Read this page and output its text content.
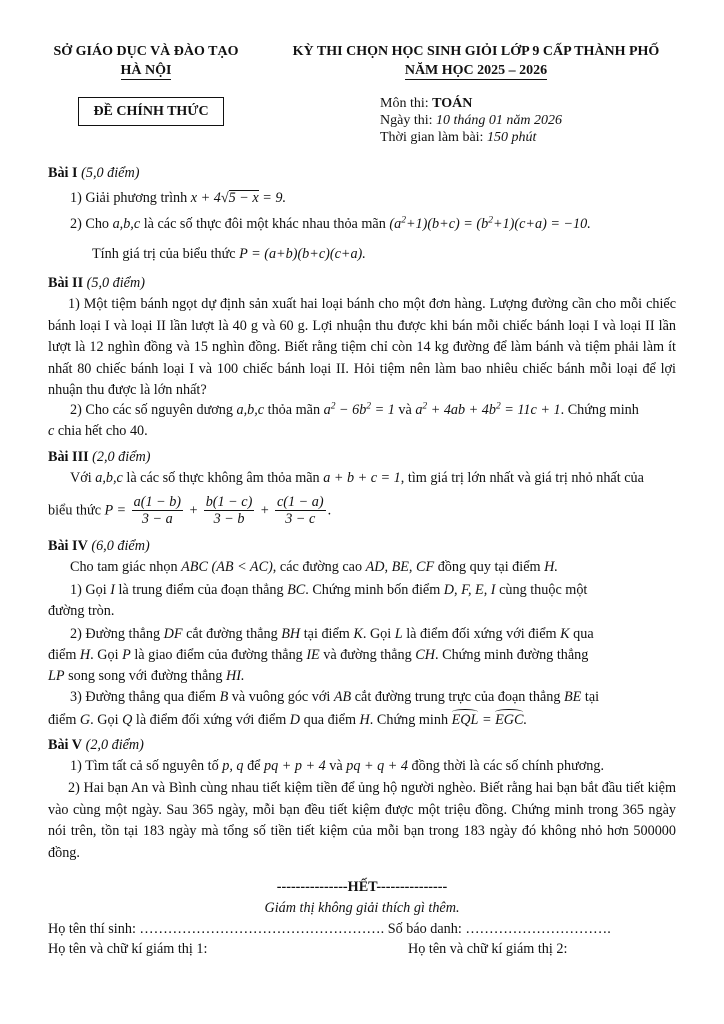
SỞ GIÁO DỤC VÀ ĐÀO TẠO
HÀ NỘI
KỲ THI CHỌN HỌC SINH GIỎI LỚP 9 CẤP THÀNH PHỐ
NĂM HỌC 2025 – 2026
ĐỀ CHÍNH THỨC
Môn thi: TOÁN
Ngày thi: 10 tháng 01 năm 2026
Thời gian làm bài: 150 phút
Bài I (5,0 điểm)
1) Giải phương trình x + 4√5 − x = 9.
2) Cho a,b,c là các số thực đôi một khác nhau thỏa mãn $(a^2+1)(b+c) = (b^2+1)(c+a) = -10$.
Tính giá trị của biểu thức P = (a+b)(b+c)(c+a).
Bài II (5,0 điểm)
1) Một tiệm bánh ngọt dự định sản xuất hai loại bánh cho một đơn hàng. Lượng đường cần cho mỗi chiếc bánh loại I và loại II lần lượt là 40 g và 60 g. Lợi nhuận thu được khi bán mỗi chiếc bánh loại I và loại II lần lượt là 12 nghìn đồng và 15 nghìn đồng. Biết rằng tiệm chỉ còn 14 kg đường để làm bánh và tiệm phải làm ít nhất 80 chiếc bánh loại I và 100 chiếc bánh loại II. Hỏi tiệm nên làm bao nhiêu chiếc bánh mỗi loại để lợi nhuận thu được là lớn nhất?
2) Cho các số nguyên dương a,b,c thỏa mãn $a^2 - 6b^2 = 1$ và $a^2 + 4ab + 4b^2 = 11c + 1$. Chứng minh
c chia hết cho 40.
Bài III (2,0 điểm)
Với a,b,c là các số thực không âm thỏa mãn a + b + c = 1, tìm giá trị lớn nhất và giá trị nhỏ nhất của
biểu thức $P = \frac{a(1 - b)}{3 - a} + \frac{b(1 - c)}{3 - b} + \frac{c(1 - a)}{3 - c}$ .
Bài IV (6,0 điểm)
Cho tam giác nhọn ABC (AB < AC), các đường cao AD, BE, CF đồng quy tại điểm H.
1) Gọi I là trung điểm của đoạn thẳng BC. Chứng minh bốn điểm D, F, E, I cùng thuộc một
đường tròn.
2) Đường thẳng DF cắt đường thẳng BH tại điểm K. Gọi L là điểm đối xứng với điểm K qua
điểm H. Gọi P là giao điểm của đường thẳng IE và đường thẳng CH. Chứng minh đường thẳng
LP song song với đường thẳng HI.
3) Đường thẳng qua điểm B và vuông góc với AB cắt đường trung trực của đoạn thẳng BE tại
điểm G. Gọi Q là điểm đối xứng với điểm D qua điểm H. Chứng minh EQL = EGC.
Bài V (2,0 điểm)
1) Tìm tất cả số nguyên tố p, q để pq + p + 4 và pq + q + 4 đồng thời là các số chính phương.
2) Hai bạn An và Bình cùng nhau tiết kiệm tiền để ủng hộ người nghèo. Biết rằng hai bạn bắt đầu tiết kiệm vào cùng một ngày. Sau 365 ngày, mỗi bạn đều tiết kiệm được một triệu đồng. Chứng minh trong 365 ngày nói trên, tồn tại 183 ngày mà tổng số tiền tiết kiệm của mỗi bạn trong 183 ngày đó không nhỏ hơn 500000 đồng.
---------------HẾT---------------
Giám thị không giải thích gì thêm.
Họ tên thí sinh: ……………………………………………. Số báo danh: ………………………….
Họ tên và chữ kí giám thị 1:	Họ tên và chữ kí giám thị 2:
